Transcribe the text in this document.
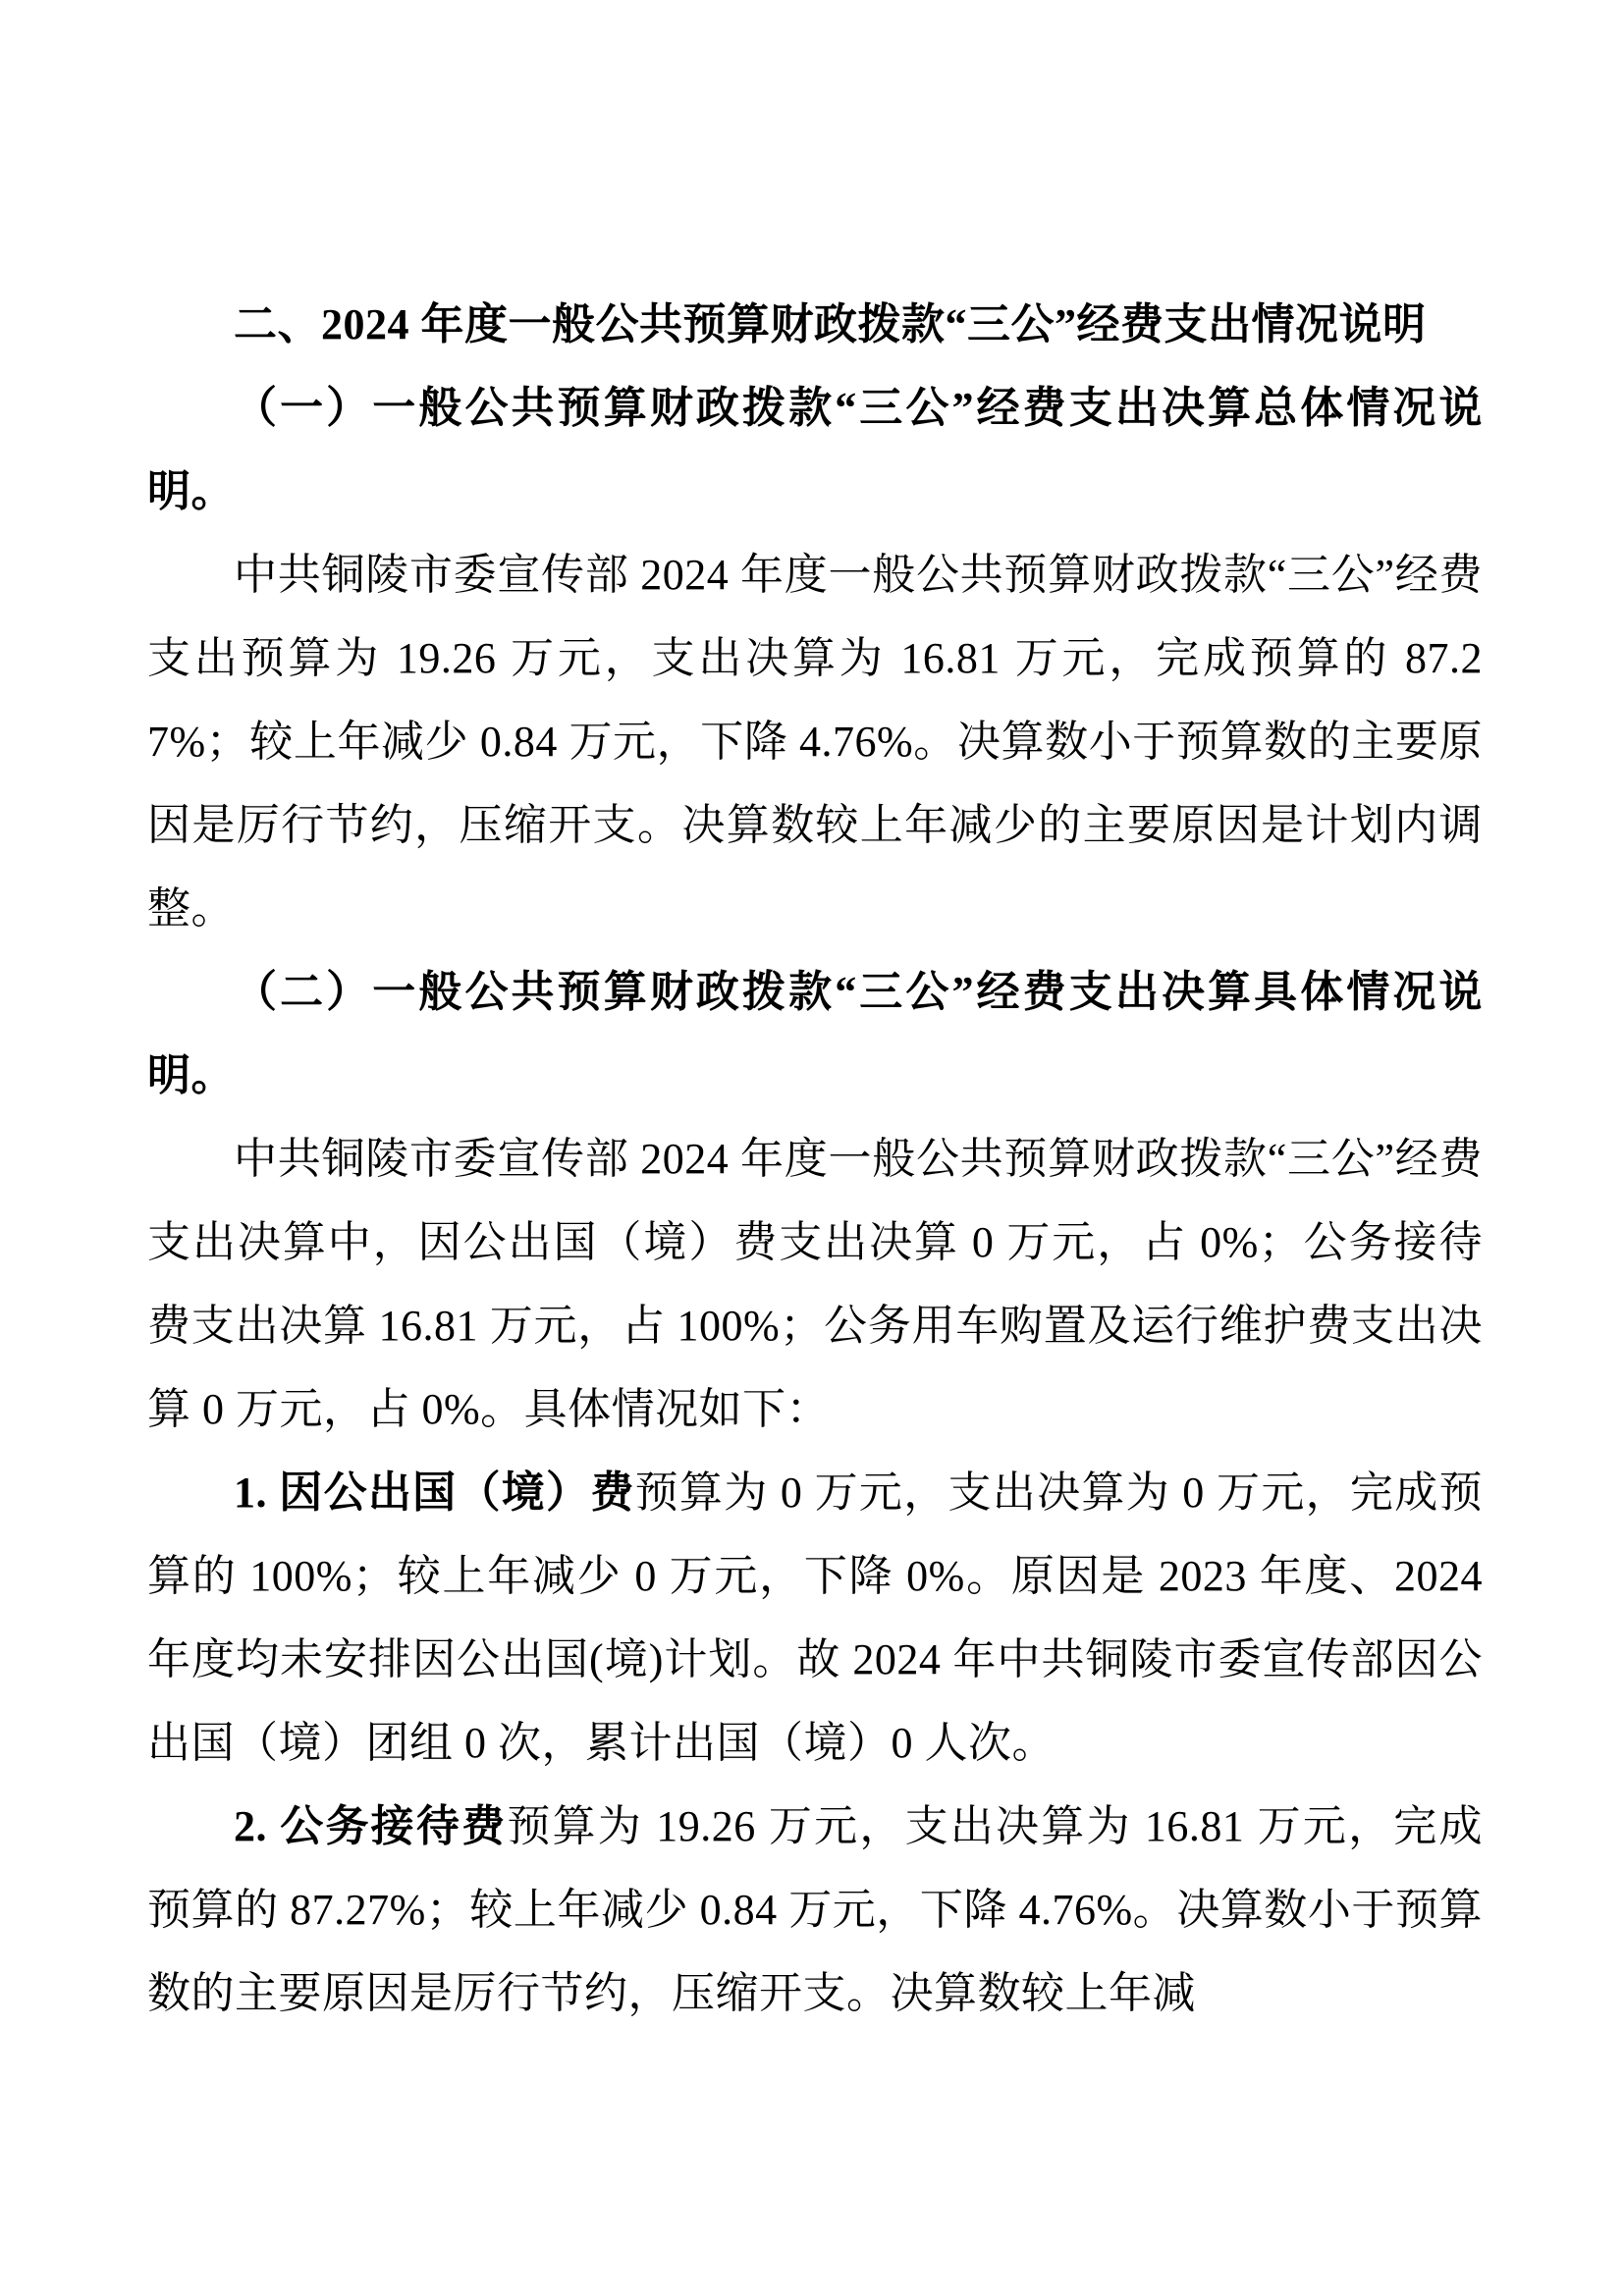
二、2024 年度一般公共预算财政拨款“三公”经费支出情况说明

（一）一般公共预算财政拨款“三公”经费支出决算总体情况说明。

中共铜陵市委宣传部 2024 年度一般公共预算财政拨款“三公”经费支出预算为 19.26 万元，支出决算为 16.81 万元，完成预算的 87.27%；较上年减少 0.84 万元，下降 4.76%。决算数小于预算数的主要原因是厉行节约，压缩开支。决算数较上年减少的主要原因是计划内调整。

（二）一般公共预算财政拨款“三公”经费支出决算具体情况说明。

中共铜陵市委宣传部 2024 年度一般公共预算财政拨款“三公”经费支出决算中，因公出国（境）费支出决算 0 万元，占 0%；公务接待费支出决算 16.81 万元，占 100%；公务用车购置及运行维护费支出决算 0 万元，占 0%。具体情况如下：

1. 因公出国（境）费预算为 0 万元，支出决算为 0 万元，完成预算的 100%；较上年减少 0 万元，下降 0%。原因是 2023 年度、2024 年度均未安排因公出国(境)计划。故 2024 年中共铜陵市委宣传部因公出国（境）团组 0 次，累计出国（境）0 人次。

2. 公务接待费预算为 19.26 万元，支出决算为 16.81 万元，完成预算的 87.27%；较上年减少 0.84 万元，下降 4.76%。决算数小于预算数的主要原因是厉行节约，压缩开支。决算数较上年减
